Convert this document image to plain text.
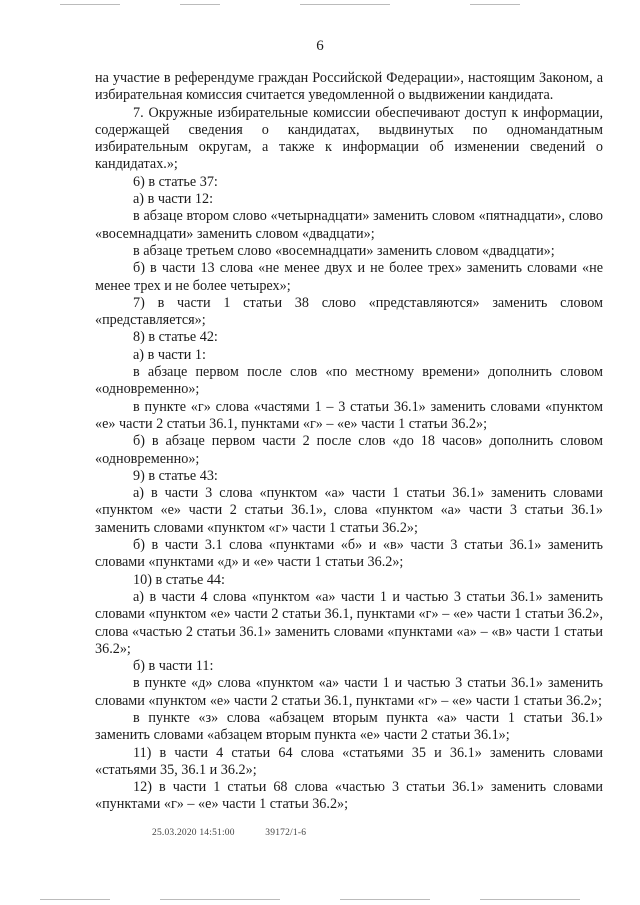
6

на участие в референдуме граждан Российской Федерации», настоящим Законом, а избирательная комиссия считается уведомленной о выдвижении кандидата.

7. Окружные избирательные комиссии обеспечивают доступ к информации, содержащей сведения о кандидатах, выдвинутых по одномандатным избирательным округам, а также к информации об изменении сведений о кандидатах.»;

6) в статье 37:

а) в части 12:

в абзаце втором слово «четырнадцати» заменить словом «пятнадцати», слово «восемнадцати» заменить словом «двадцати»;

в абзаце третьем слово «восемнадцати» заменить словом «двадцати»;

б) в части 13 слова «не менее двух и не более трех» заменить словами «не менее трех и не более четырех»;

7) в части 1 статьи 38 слово «представляются» заменить словом «представляется»;

8) в статье 42:

а) в части 1:

в абзаце первом после слов «по местному времени» дополнить словом «одновременно»;

в пункте «г» слова «частями 1 – 3 статьи 36.1» заменить словами «пунктом «е» части 2 статьи 36.1, пунктами «г» – «е» части 1 статьи 36.2»;

б) в абзаце первом части 2 после слов «до 18 часов» дополнить словом «одновременно»;

9) в статье 43:

а) в части 3 слова «пунктом «а» части 1 статьи 36.1» заменить словами «пунктом «е» части 2 статьи 36.1», слова «пунктом «а» части 3 статьи 36.1» заменить словами «пунктом «г» части 1 статьи 36.2»;

б) в части 3.1 слова «пунктами «б» и «в» части 3 статьи 36.1» заменить словами «пунктами «д» и «е» части 1 статьи 36.2»;

10) в статье 44:

а) в части 4 слова «пунктом «а» части 1 и частью 3 статьи 36.1» заменить словами «пунктом «е» части 2 статьи 36.1, пунктами «г» – «е» части 1 статьи 36.2», слова «частью 2 статьи 36.1» заменить словами «пунктами «а» – «в» части 1 статьи 36.2»;

б) в части 11:

в пункте «д» слова «пунктом «а» части 1 и частью 3 статьи 36.1» заменить словами «пунктом «е» части 2 статьи 36.1, пунктами «г» – «е» части 1 статьи 36.2»;

в пункте «з» слова «абзацем вторым пункта «а» части 1 статьи 36.1» заменить словами «абзацем вторым пункта «е» части 2 статьи 36.1»;

11) в части 4 статьи 64 слова «статьями 35 и 36.1» заменить словами «статьями 35, 36.1 и 36.2»;

12) в части 1 статьи 68 слова «частью 3 статьи 36.1» заменить словами «пунктами «г» – «е» части 1 статьи 36.2»;

25.03.2020 14:51:00	39172/1-6
